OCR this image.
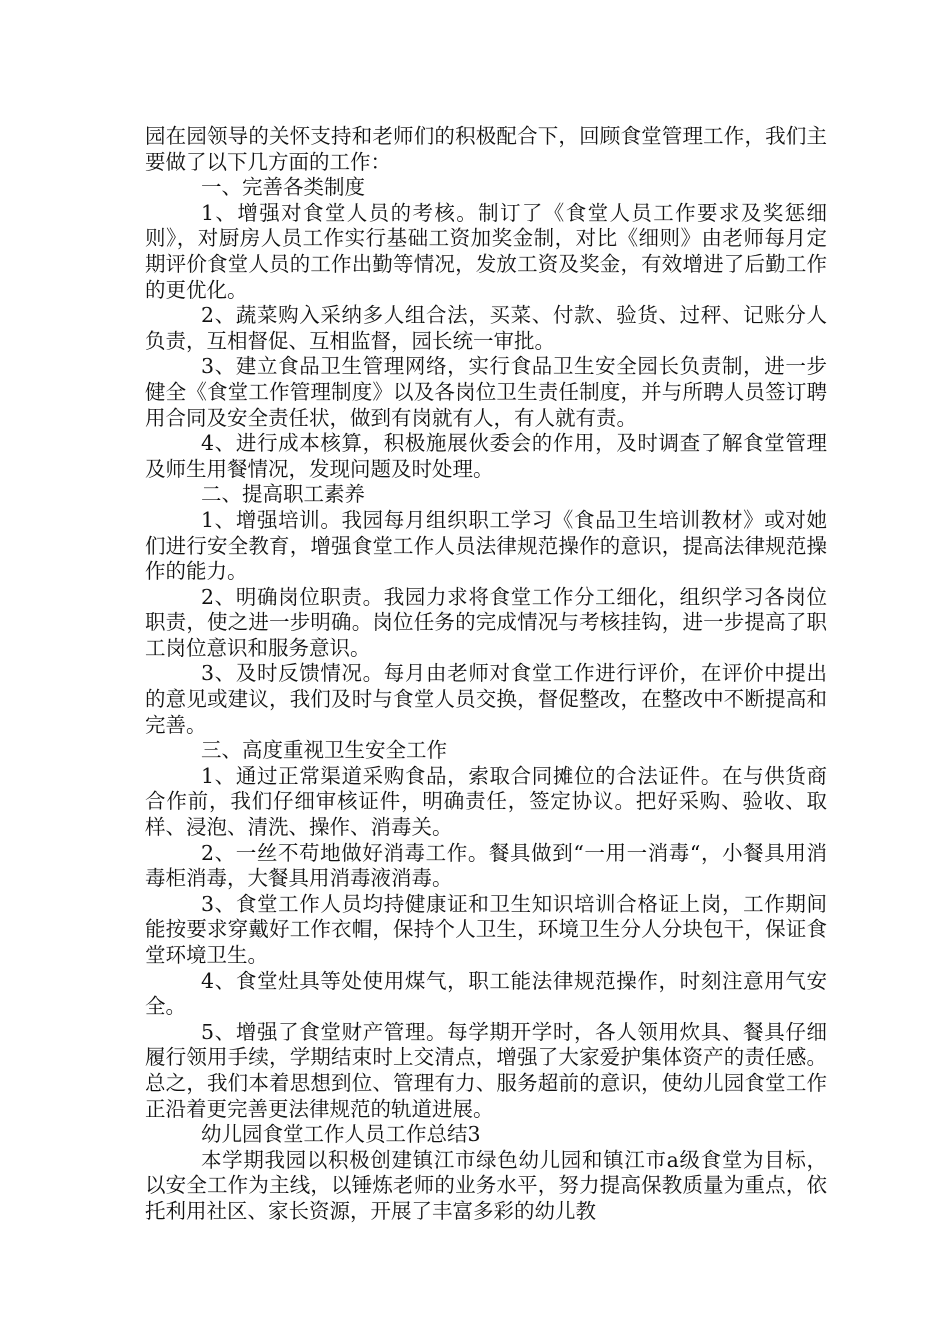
园在园领导的关怀支持和老师们的积极配合下，回顾食堂管理工作，我们主要做了以下几方面的工作：

一、完善各类制度

1、增强对食堂人员的考核。制订了《食堂人员工作要求及奖惩细则》，对厨房人员工作实行基础工资加奖金制，对比《细则》由老师每月定期评价食堂人员的工作出勤等情况，发放工资及奖金，有效增进了后勤工作的更优化。

2、蔬菜购入采纳多人组合法，买菜、付款、验货、过秤、记账分人负责，互相督促、互相监督，园长统一审批。

3、建立食品卫生管理网络，实行食品卫生安全园长负责制，进一步健全《食堂工作管理制度》以及各岗位卫生责任制度，并与所聘人员签订聘用合同及安全责任状，做到有岗就有人，有人就有责。

4、进行成本核算，积极施展伙委会的作用，及时调查了解食堂管理及师生用餐情况，发现问题及时处理。

二、提高职工素养

1、增强培训。我园每月组织职工学习《食品卫生培训教材》或对她们进行安全教育，增强食堂工作人员法律规范操作的意识，提高法律规范操作的能力。

2、明确岗位职责。我园力求将食堂工作分工细化，组织学习各岗位职责，使之进一步明确。岗位任务的完成情况与考核挂钩，进一步提高了职工岗位意识和服务意识。

3、及时反馈情况。每月由老师对食堂工作进行评价，在评价中提出的意见或建议，我们及时与食堂人员交换，督促整改，在整改中不断提高和完善。

三、高度重视卫生安全工作

1、通过正常渠道采购食品，索取合同摊位的合法证件。在与供货商合作前，我们仔细审核证件，明确责任，签定协议。把好采购、验收、取样、浸泡、清洗、操作、消毒关。

2、一丝不苟地做好消毒工作。餐具做到“一用一消毒“，小餐具用消毒柜消毒，大餐具用消毒液消毒。

3、食堂工作人员均持健康证和卫生知识培训合格证上岗，工作期间能按要求穿戴好工作衣帽，保持个人卫生，环境卫生分人分块包干，保证食堂环境卫生。

4、食堂灶具等处使用煤气，职工能法律规范操作，时刻注意用气安全。

5、增强了食堂财产管理。每学期开学时，各人领用炊具、餐具仔细履行领用手续，学期结束时上交清点，增强了大家爱护集体资产的责任感。总之，我们本着思想到位、管理有力、服务超前的意识，使幼儿园食堂工作正沿着更完善更法律规范的轨道进展。

幼儿园食堂工作人员工作总结3

本学期我园以积极创建镇江市绿色幼儿园和镇江市a级食堂为目标，以安全工作为主线，以锤炼老师的业务水平，努力提高保教质量为重点，依托利用社区、家长资源，开展了丰富多彩的幼儿教
